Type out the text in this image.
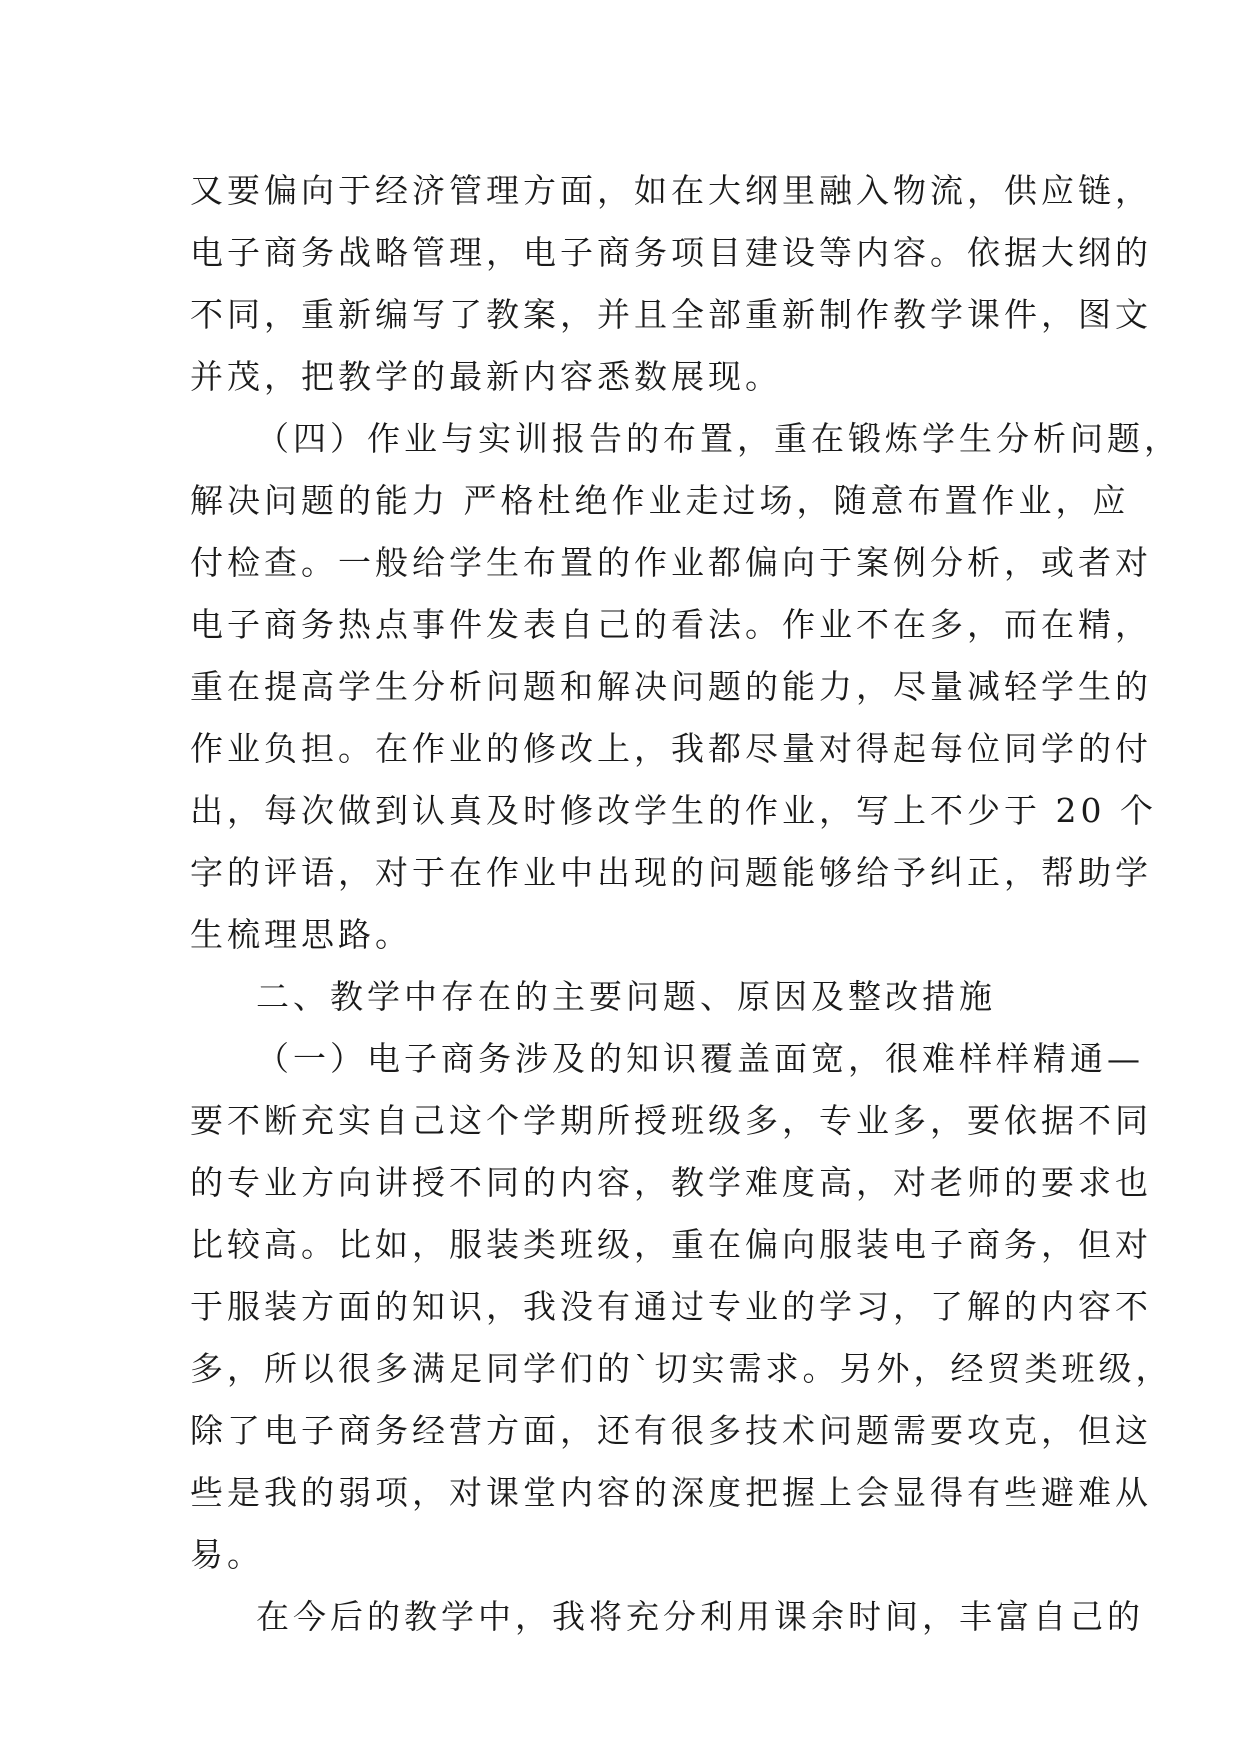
又要偏向于经济管理方面，如在大纲里融入物流，供应链，
电子商务战略管理，电子商务项目建设等内容。依据大纲的
不同，重新编写了教案，并且全部重新制作教学课件，图文
并茂，把教学的最新内容悉数展现。
（四）作业与实训报告的布置，重在锻炼学生分析问题，
解决问题的能力 严格杜绝作业走过场，随意布置作业，应
付检查。一般给学生布置的作业都偏向于案例分析，或者对
电子商务热点事件发表自己的看法。作业不在多，而在精，
重在提高学生分析问题和解决问题的能力，尽量减轻学生的
作业负担。在作业的修改上，我都尽量对得起每位同学的付
出，每次做到认真及时修改学生的作业，写上不少于 20 个
字的评语，对于在作业中出现的问题能够给予纠正，帮助学
生梳理思路。
二、教学中存在的主要问题、原因及整改措施
（一）电子商务涉及的知识覆盖面宽，很难样样精通—
要不断充实自己这个学期所授班级多，专业多，要依据不同
的专业方向讲授不同的内容，教学难度高，对老师的要求也
比较高。比如，服装类班级，重在偏向服装电子商务，但对
于服装方面的知识，我没有通过专业的学习，了解的内容不
多，所以很多满足同学们的`切实需求。另外，经贸类班级，
除了电子商务经营方面，还有很多技术问题需要攻克，但这
些是我的弱项，对课堂内容的深度把握上会显得有些避难从
易。
在今后的教学中，我将充分利用课余时间，丰富自己的
